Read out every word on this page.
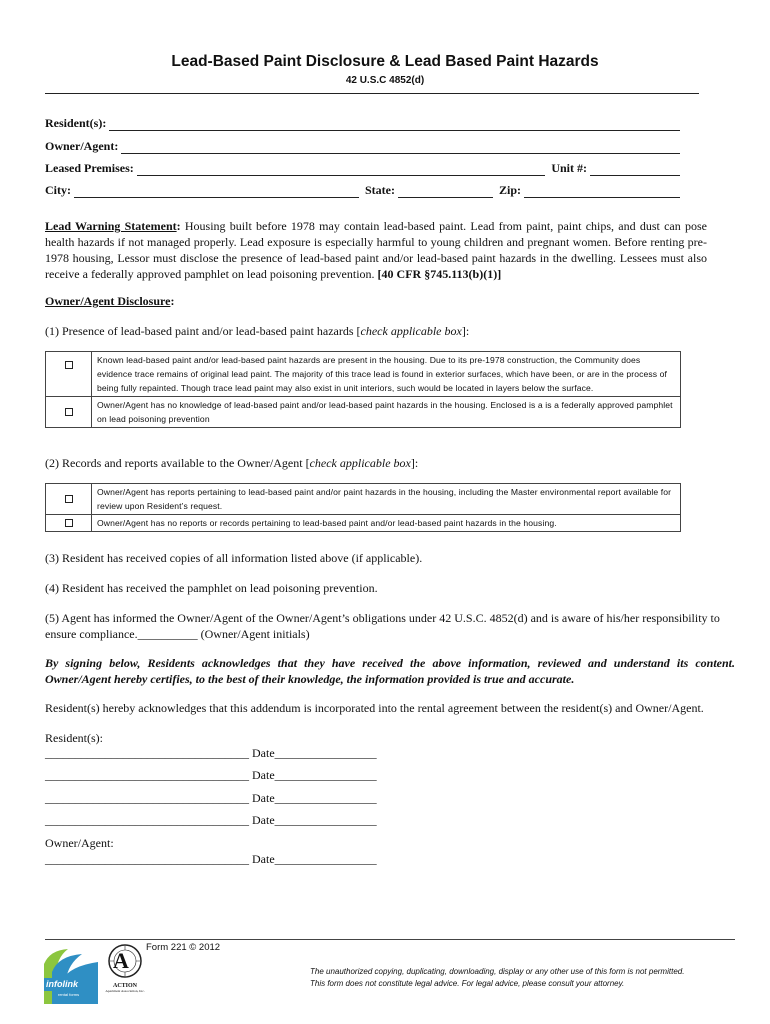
Lead-Based Paint Disclosure & Lead Based Paint Hazards
42 U.S.C 4852(d)
Resident(s):
Owner/Agent:
Leased Premises:	Unit #:
City:	State:	Zip:
Lead Warning Statement: Housing built before 1978 may contain lead-based paint. Lead from paint, paint chips, and dust can pose health hazards if not managed properly. Lead exposure is especially harmful to young children and pregnant women. Before renting pre-1978 housing, Lessor must disclose the presence of lead-based paint and/or lead-based paint hazards in the dwelling. Lessees must also receive a federally approved pamphlet on lead poisoning prevention. [40 CFR §745.113(b)(1)]
Owner/Agent Disclosure:
(1) Presence of lead-based paint and/or lead-based paint hazards [check applicable box]:
Known lead-based paint and/or lead-based paint hazards are present in the housing. Due to its pre-1978 construction, the Community does evidence trace remains of original lead paint. The majority of this trace lead is found in exterior surfaces, which have been, or are in the process of being fully repainted. Though trace lead paint may also exist in unit interiors, such would be located in layers below the surface.
Owner/Agent has no knowledge of lead-based paint and/or lead-based paint hazards in the housing. Enclosed is a is a federally approved pamphlet on lead poisoning prevention
(2) Records and reports available to the Owner/Agent [check applicable box]:
Owner/Agent has reports pertaining to lead-based paint and/or paint hazards in the housing, including the Master environmental report available for review upon Resident’s request.
Owner/Agent has no reports or records pertaining to lead-based paint and/or lead-based paint hazards in the housing.
(3) Resident has received copies of all information listed above (if applicable).
(4) Resident has received the pamphlet on lead poisoning prevention.
(5) Agent has informed the Owner/Agent of the Owner/Agent’s obligations under 42 U.S.C. 4852(d) and is aware of his/her responsibility to ensure compliance.__________ (Owner/Agent initials)
By signing below, Residents acknowledges that they have received the above information, reviewed and understand its content. Owner/Agent hereby certifies, to the best of their knowledge, the information provided is true and accurate.
Resident(s) hereby acknowledges that this addendum is incorporated into the rental agreement between the resident(s) and Owner/Agent.
Resident(s):
__________________________________ Date_________________
__________________________________ Date_________________
__________________________________ Date_________________
__________________________________ Date_________________
Owner/Agent:
__________________________________ Date_________________
infolink
rental forms
A
ACTION
Apartment Association, Inc.
Form 221 © 2012
The unauthorized copying, duplicating, downloading, display or any other use of this form is not permitted.
This form does not constitute legal advice. For legal advice, please consult your attorney.
